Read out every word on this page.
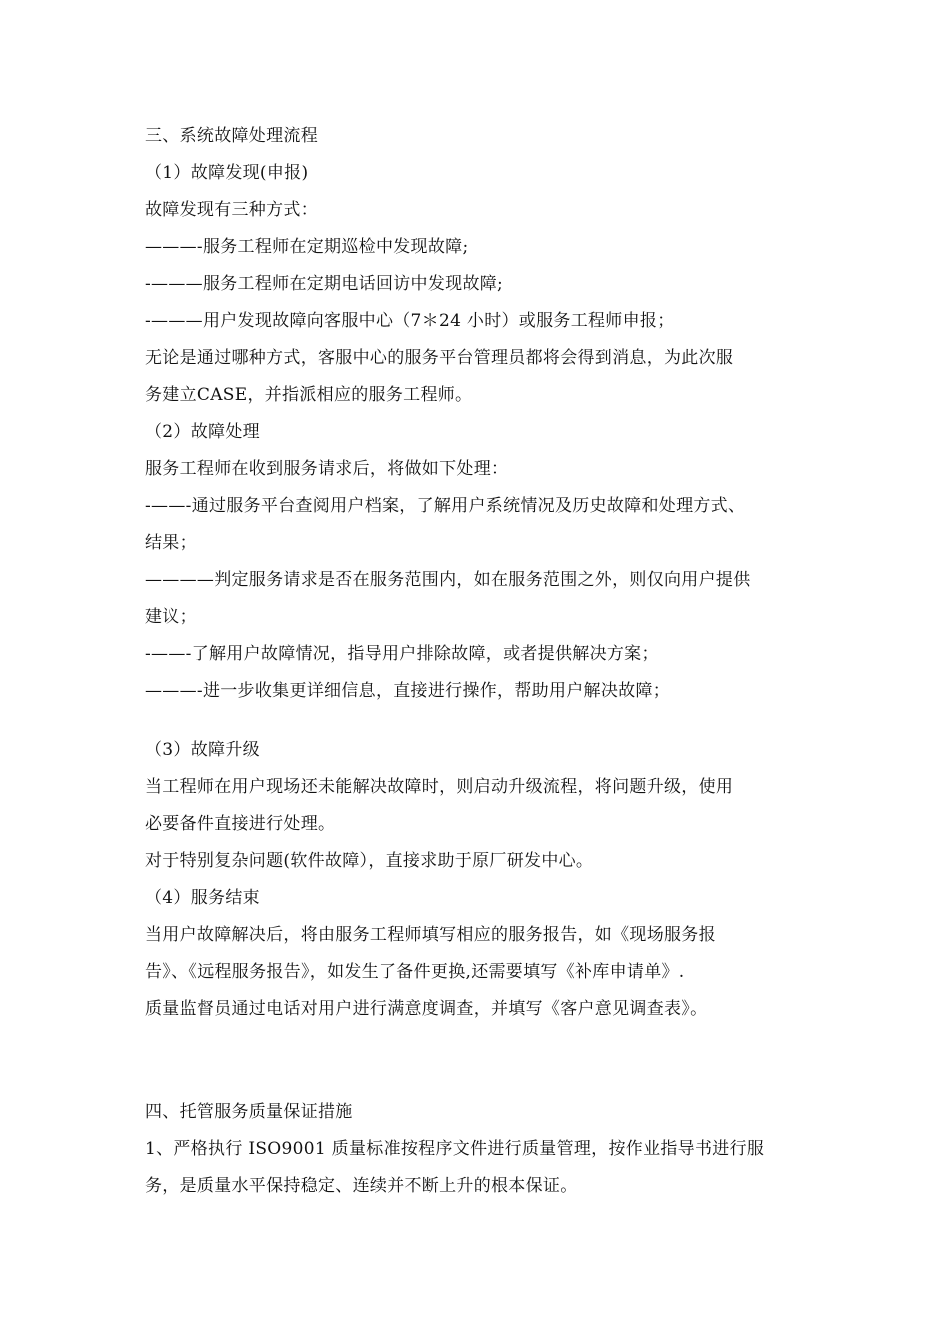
三、系统故障处理流程

（1）故障发现(申报)

故障发现有三种方式：

———-服务工程师在定期巡检中发现故障;

-———服务工程师在定期电话回访中发现故障;

-———用户发现故障向客服中心（7＊24 小时）或服务工程师申报；

无论是通过哪种方式，客服中心的服务平台管理员都将会得到消息，为此次服

务建立CASE，并指派相应的服务工程师。

（2）故障处理

服务工程师在收到服务请求后，将做如下处理：

-——-通过服务平台查阅用户档案，了解用户系统情况及历史故障和处理方式、

结果；

————判定服务请求是否在服务范围内，如在服务范围之外，则仅向用户提供

建议；

-——-了解用户故障情况，指导用户排除故障，或者提供解决方案；

———-进一步收集更详细信息，直接进行操作，帮助用户解决故障；

（3）故障升级

当工程师在用户现场还未能解决故障时，则启动升级流程，将问题升级，使用

必要备件直接进行处理。

对于特别复杂问题(软件故障），直接求助于原厂研发中心。

（4）服务结束

当用户故障解决后，将由服务工程师填写相应的服务报告，如《现场服务报

告》、《远程服务报告》，如发生了备件更换,还需要填写《补库申请单》.

质量监督员通过电话对用户进行满意度调查，并填写《客户意见调查表》。

四、托管服务质量保证措施

1、严格执行 ISO9001 质量标准按程序文件进行质量管理，按作业指导书进行服

务，是质量水平保持稳定、连续并不断上升的根本保证。
